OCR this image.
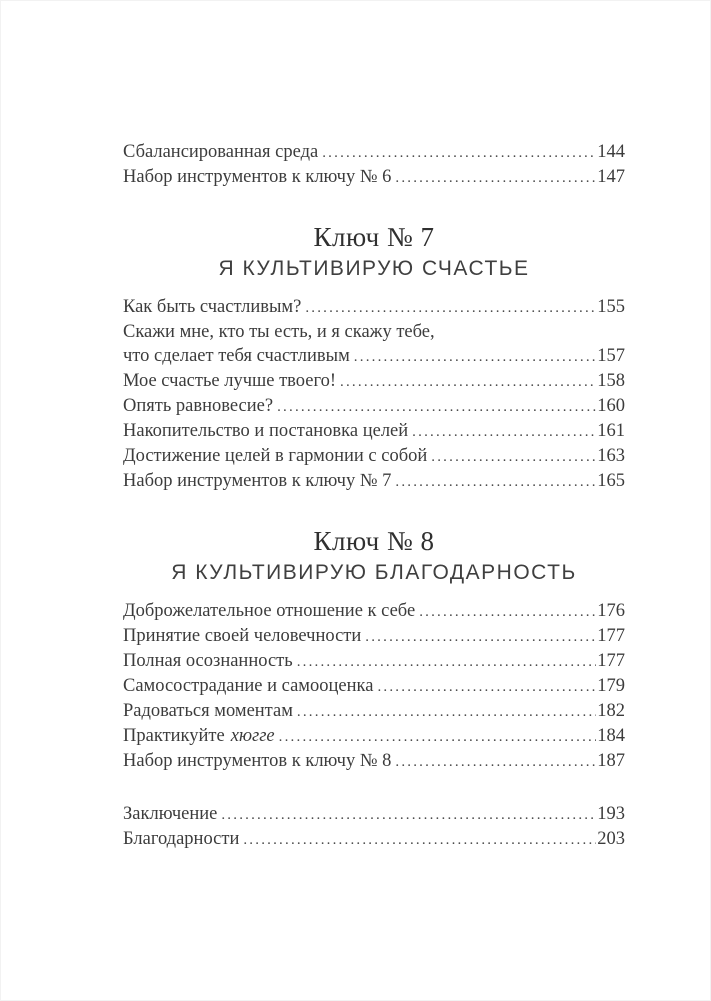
Сбалансированная среда .....	144
Набор инструментов к ключу № 6 .....	147
Ключ № 7
Я КУЛЬТИВИРУЮ СЧАСТЬЕ
Как быть счастливым? .....	155
Скажи мне, кто ты есть, и я скажу тебе,
что сделает тебя счастливым .....	157
Мое счастье лучше твоего! .....	158
Опять равновесие? .....	160
Накопительство и постановка целей .....	161
Достижение целей в гармонии с собой .....	163
Набор инструментов к ключу № 7 .....	165
Ключ № 8
Я КУЛЬТИВИРУЮ БЛАГОДАРНОСТЬ
Доброжелательное отношение к себе .....	176
Принятие своей человечности .....	177
Полная осознанность .....	177
Самосострадание и самооценка .....	179
Радоваться моментам .....	182
Практикуйте хюгге .....	184
Набор инструментов к ключу № 8 .....	187
Заключение .....	193
Благодарности .....	203
